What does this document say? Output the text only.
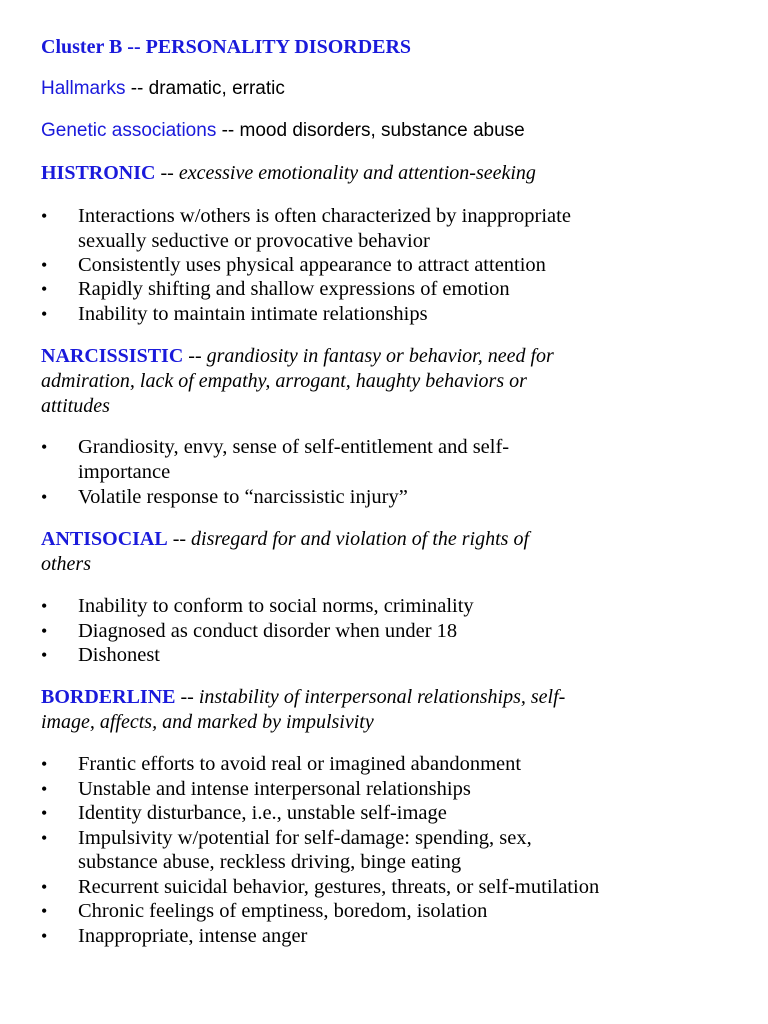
Cluster B -- PERSONALITY DISORDERS

Hallmarks -- dramatic, erratic

Genetic associations -- mood disorders, substance abuse

HISTRONIC -- excessive emotionality and attention-seeking

•	Interactions w/others is often characterized by inappropriate
sexually seductive or provocative behavior
•	Consistently uses physical appearance to attract attention
•	Rapidly shifting and shallow expressions of emotion
•	Inability to maintain intimate relationships

NARCISSISTIC -- grandiosity in fantasy or behavior, need for

admiration, lack of empathy, arrogant, haughty behaviors or

attitudes

•	Grandiosity, envy, sense of self-entitlement and self-
importance
•	Volatile response to “narcissistic injury”

ANTISOCIAL -- disregard for and violation of the rights of

others

•	Inability to conform to social norms, criminality
•	Diagnosed as conduct disorder when under 18
•	Dishonest

BORDERLINE -- instability of interpersonal relationships, self-

image, affects, and marked by impulsivity

•	Frantic efforts to avoid real or imagined abandonment
•	Unstable and intense interpersonal relationships
•	Identity disturbance, i.e., unstable self-image
•	Impulsivity w/potential for self-damage: spending, sex,
substance abuse, reckless driving, binge eating
•	Recurrent suicidal behavior, gestures, threats, or self-mutilation
•	Chronic feelings of emptiness, boredom, isolation
•	Inappropriate, intense anger
